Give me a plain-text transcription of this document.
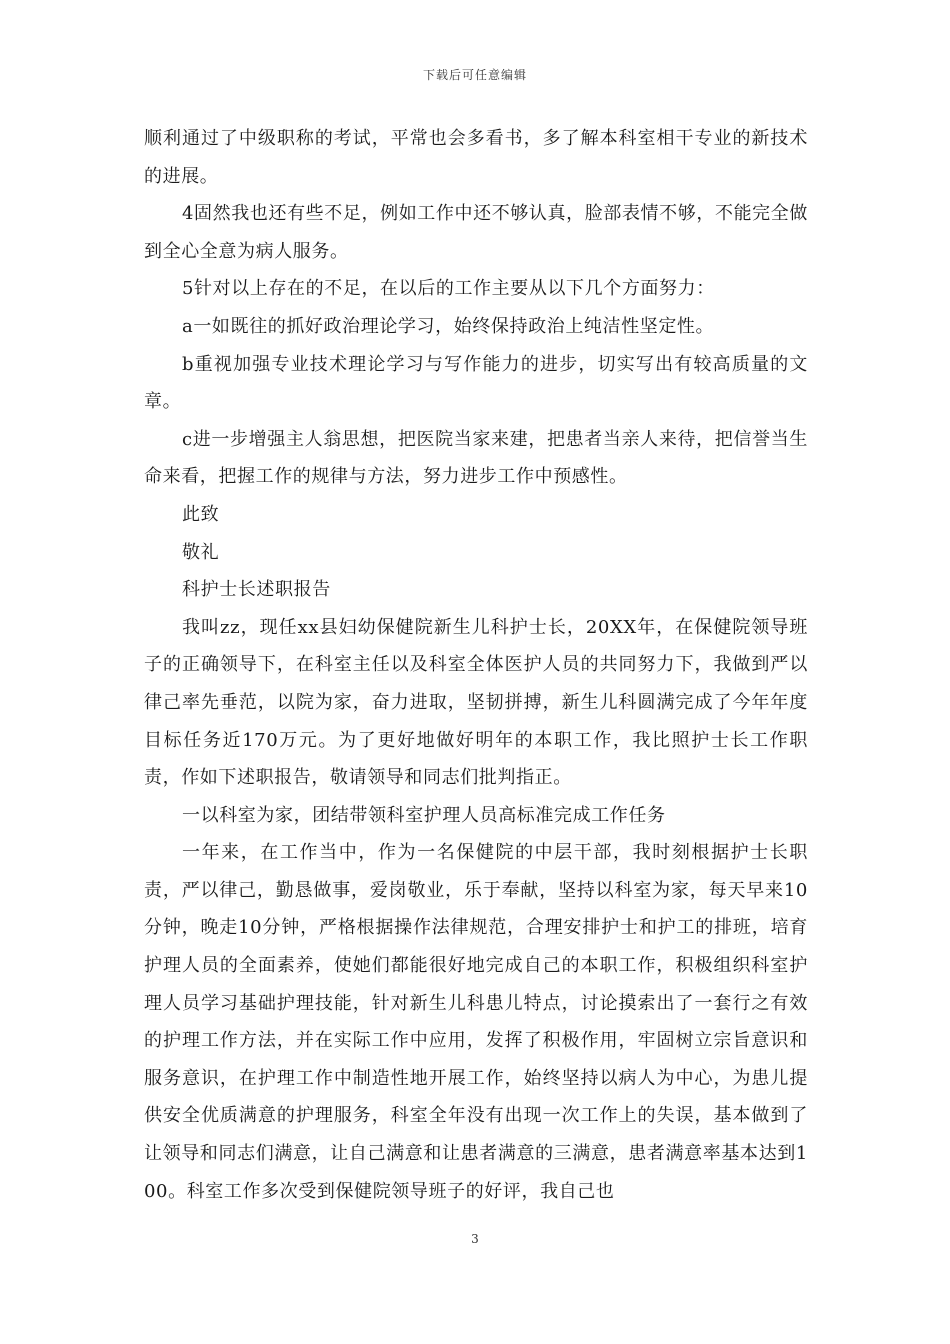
下载后可任意编辑

顺利通过了中级职称的考试，平常也会多看书，多了解本科室相干专业的新技术的进展。

4固然我也还有些不足，例如工作中还不够认真，脸部表情不够，不能完全做到全心全意为病人服务。

5针对以上存在的不足，在以后的工作主要从以下几个方面努力：

a一如既往的抓好政治理论学习，始终保持政治上纯洁性坚定性。

b重视加强专业技术理论学习与写作能力的进步，切实写出有较高质量的文章。

c进一步增强主人翁思想，把医院当家来建，把患者当亲人来待，把信誉当生命来看，把握工作的规律与方法，努力进步工作中预感性。

此致

敬礼

科护士长述职报告

我叫zz，现任xx县妇幼保健院新生儿科护士长，20XX年，在保健院领导班子的正确领导下，在科室主任以及科室全体医护人员的共同努力下，我做到严以律己率先垂范，以院为家，奋力进取，坚韧拼搏，新生儿科圆满完成了今年年度目标任务近170万元。为了更好地做好明年的本职工作，我比照护士长工作职责，作如下述职报告，敬请领导和同志们批判指正。

一以科室为家，团结带领科室护理人员高标准完成工作任务

一年来，在工作当中，作为一名保健院的中层干部，我时刻根据护士长职责，严以律己，勤恳做事，爱岗敬业，乐于奉献，坚持以科室为家，每天早来10分钟，晚走10分钟，严格根据操作法律规范，合理安排护士和护工的排班，培育护理人员的全面素养，使她们都能很好地完成自己的本职工作，积极组织科室护理人员学习基础护理技能，针对新生儿科患儿特点，讨论摸索出了一套行之有效的护理工作方法，并在实际工作中应用，发挥了积极作用，牢固树立宗旨意识和服务意识，在护理工作中制造性地开展工作，始终坚持以病人为中心，为患儿提供安全优质满意的护理服务，科室全年没有出现一次工作上的失误，基本做到了让领导和同志们满意，让自己满意和让患者满意的三满意，患者满意率基本达到100。科室工作多次受到保健院领导班子的好评，我自己也

3
